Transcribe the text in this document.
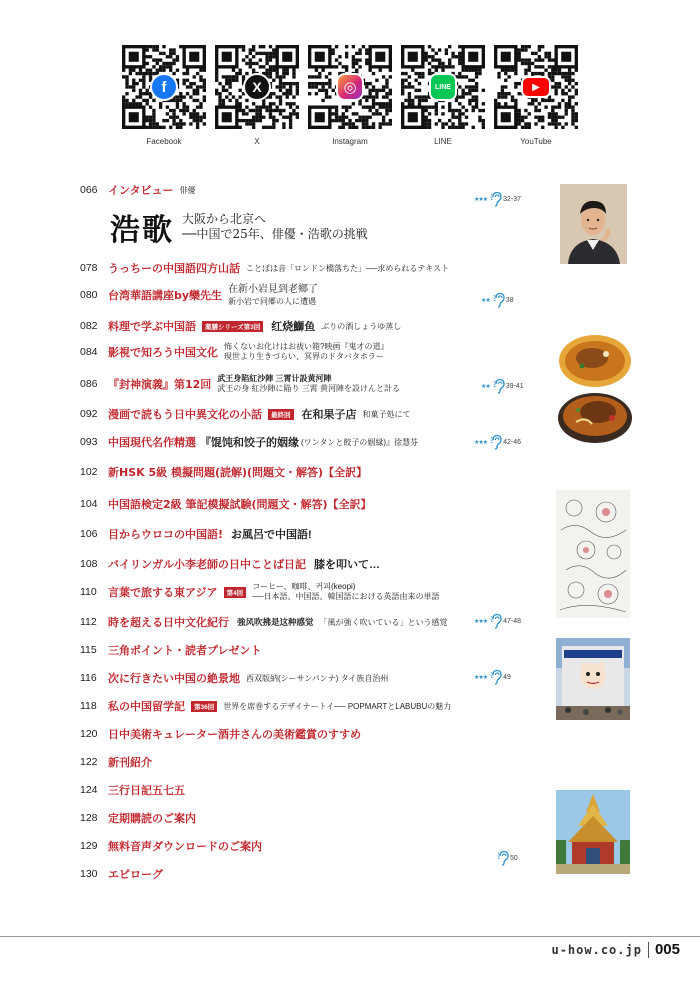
f
Facebook
X
X
◎
Instagram
LINE
LINE
▶
YouTube
066 インタビュー 俳優
浩歌 大阪から北京へ
──中国で25年、俳優・浩歌の挑戦
★★★ 32-37
078 うっちーの中国語四方山話 ことばは音「ロンドン橋落ちた」──求められるテキスト
080 台湾華語講座by欒先生 在新小岩見到老鄉了
新小岩で同郷の人に遭遇	★★ 38
082 料理で学ぶ中国語	薬膳シリーズ第3回 红烧鰤鱼 ぶりの酒しょうゆ蒸し
084 影視で知ろう中国文化 怖くないお化けはお祓い箱?映画『鬼才の道』
現世より生きづらい、冥界のドタバタホラー
086 『封神演義』第12回 武王身陷紅沙陣 三霄计設黄河陣
武王の身 紅沙陣に陥り 三霄 黄河陣を設けんと計る	★★ 39-41
092 漫画で読もう日中異文化の小話	最終回 在和果子店 和菓子処にて
093 中国現代名作精選 『馄饨和饺子的姻缘 (ワンタンと餃子の姻縁)』徐慧芬	★★★ 42-46
102 新HSK 5級 模擬問題(読解)(問題文・解答)【全訳】
104 中国語検定2級 筆記模擬試験(問題文・解答)【全訳】
106 目からウロコの中国語! お風呂で中国語!
108 バイリンガル小李老師の日中ことば日記 膝を叩いて…
110	言葉で旅する東アジア	第4回
コーヒー、咖啡、커피(keopi)
──日本語、中国語、韓国語における英語由来の単語
112	時を超える日中文化紀行 強风吹拂是这种感觉 「風が強く吹いている」という感覚	★★★ 47-48
115	三角ポイント・読者プレゼント
116	次に行きたい中国の絶景地 西双版納(シーサンパンナ) タイ族自治州	★★★ 49
118	私の中国留学記	第36回	世界を席巻するデザイナートイ── POPMARTとLABUBUの魅力
120 日中美術キュレーター酒井さんの美術鑑賞のすすめ
122 新刊紹介
124 三行日記五七五
128 定期購読のご案内
129 無料音声ダウンロードのご案内
50
130 エピローグ
u-how.co.jp 005
